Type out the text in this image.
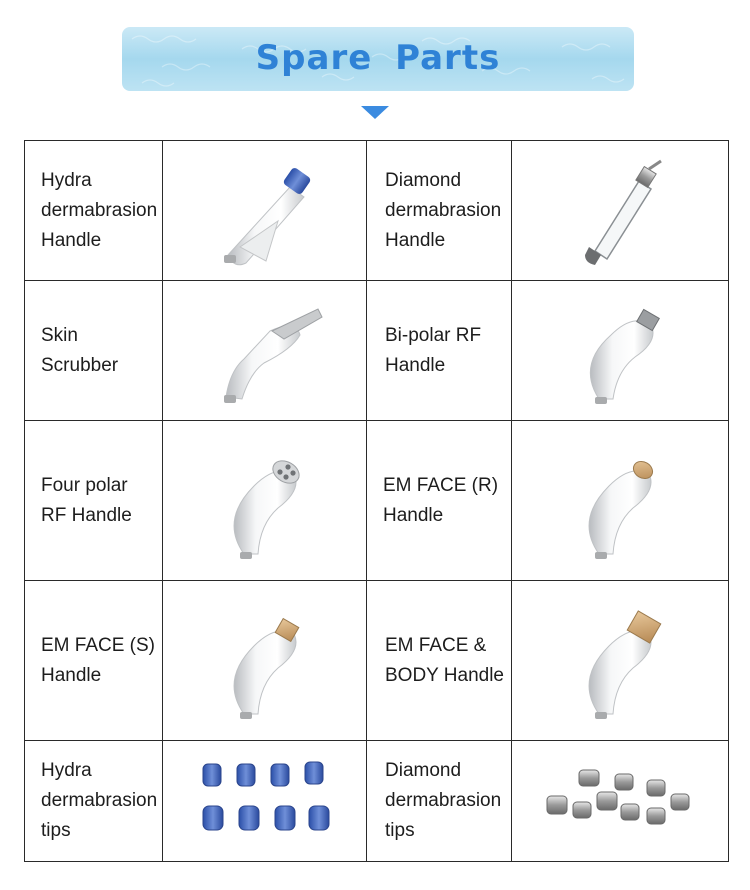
Spare Parts
Hydra
dermabrasion
Handle		Diamond
dermabrasion
Handle	

Skin
Scrubber		Bi-polar RF
Handle	

Four polar
RF Handle		EM FACE (R)
Handle	

EM FACE (S)
Handle		EM FACE &
BODY Handle	

Hydra
dermabrasion
tips		Diamond
dermabrasion
tips	
